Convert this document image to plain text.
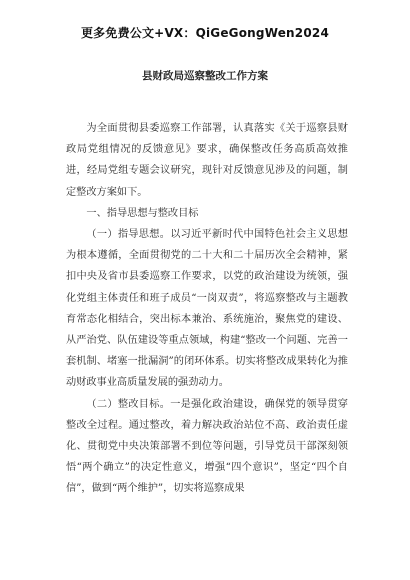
更多免费公文+VX：QiGeGongWen2024
县财政局巡察整改工作方案

为全面贯彻县委巡察工作部署，认真落实《关于巡察县财政局党组情况的反馈意见》要求，确保整改任务高质高效推进，经局党组专题会议研究，现针对反馈意见涉及的问题，制定整改方案如下。

一、指导思想与整改目标

（一）指导思想。以习近平新时代中国特色社会主义思想为根本遵循，全面贯彻党的二十大和二十届历次全会精神，紧扣中央及省市县委巡察工作要求，以党的政治建设为统领，强化党组主体责任和班子成员“一岗双责”，将巡察整改与主题教育常态化相结合，突出标本兼治、系统施治，聚焦党的建设、从严治党、队伍建设等重点领域，构建“整改一个问题、完善一套机制、堵塞一批漏洞”的闭环体系。切实将整改成果转化为推动财政事业高质量发展的强劲动力。

（二）整改目标。一是强化政治建设，确保党的领导贯穿整改全过程。通过整改，着力解决政治站位不高、政治责任虚化、贯彻党中央决策部署不到位等问题，引导党员干部深刻领悟“两个确立”的决定性意义，增强“四个意识”，坚定“四个自信”，做到“两个维护”，切实将巡察成果
